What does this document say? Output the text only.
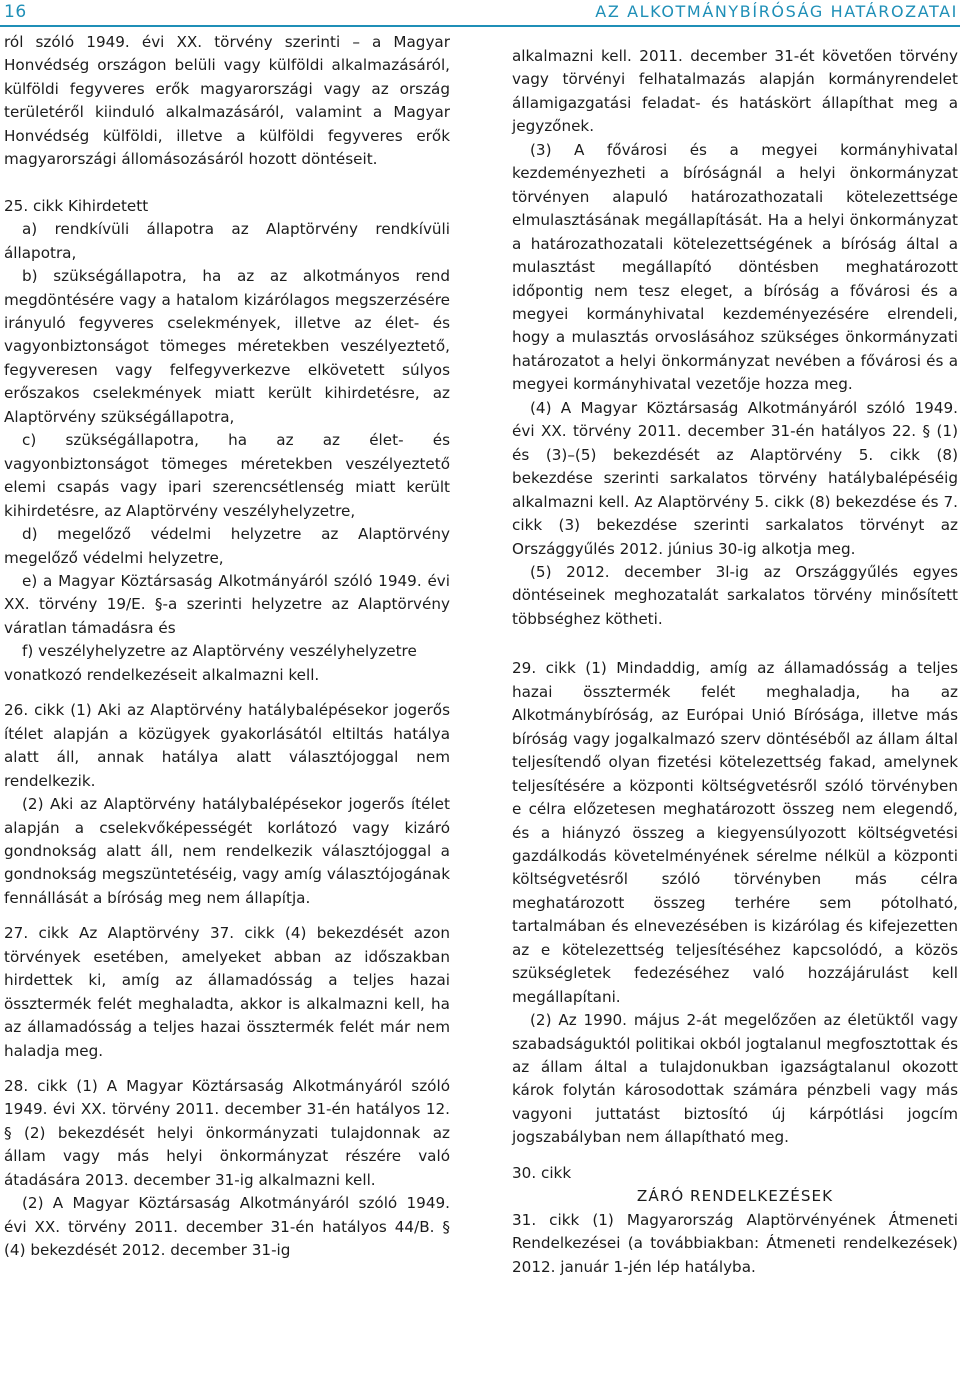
16	AZ ALKOTMÁNYBÍRÓSÁG HATÁROZATAI

ról szóló 1949. évi XX. törvény szerinti – a Magyar Honvédség országon belüli vagy külföldi alkalmazásáról, külföldi fegyveres erők magyarországi vagy az ország területéről kiinduló alkalmazásáról, valamint a Magyar Honvédség külföldi, illetve a külföldi fegyveres erők magyarországi állomásozásáról hozott döntéseit.

25. cikk Kihirdetett

a) rendkívüli állapotra az Alaptörvény rendkívüli állapotra,

b) szükségállapotra, ha az az alkotmányos rend megdöntésére vagy a hatalom kizárólagos megszerzésére irányuló fegyveres cselekmények, illetve az élet- és vagyonbiztonságot tömeges méretekben veszélyeztető, fegyveresen vagy felfegyverkezve elkövetett súlyos erőszakos cselekmények miatt került kihirdetésre, az Alaptörvény szükségállapotra,

c) szükségállapotra, ha az az élet- és vagyonbiztonságot tömeges méretekben veszélyeztető elemi csapás vagy ipari szerencsétlenség miatt került kihirdetésre, az Alaptörvény veszélyhelyzetre,

d) megelőző védelmi helyzetre az Alaptörvény megelőző védelmi helyzetre,

e) a Magyar Köztársaság Alkotmányáról szóló 1949. évi XX. törvény 19/E. §-a szerinti helyzetre az Alaptörvény váratlan támadásra és

f) veszélyhelyzetre az Alaptörvény veszélyhelyzetre

vonatkozó rendelkezéseit alkalmazni kell.

26. cikk (1) Aki az Alaptörvény hatálybalépésekor jogerős ítélet alapján a közügyek gyakorlásától eltiltás hatálya alatt áll, annak hatálya alatt választójoggal nem rendelkezik.

(2) Aki az Alaptörvény hatálybalépésekor jogerős ítélet alapján a cselekvőképességét korlátozó vagy kizáró gondnokság alatt áll, nem rendelkezik választójoggal a gondnokság megszüntetéséig, vagy amíg választójogának fennállását a bíróság meg nem állapítja.

27. cikk Az Alaptörvény 37. cikk (4) bekezdését azon törvények esetében, amelyeket abban az időszakban hirdettek ki, amíg az államadósság a teljes hazai össztermék felét meghaladta, akkor is alkalmazni kell, ha az államadósság a teljes hazai össztermék felét már nem haladja meg.

28. cikk (1) A Magyar Köztársaság Alkotmányáról szóló 1949. évi XX. törvény 2011. december 31-én hatályos 12. § (2) bekezdését helyi önkormányzati tulajdonnak az állam vagy más helyi önkormányzat részére való átadására 2013. december 31-ig alkalmazni kell.

(2) A Magyar Köztársaság Alkotmányáról szóló 1949. évi XX. törvény 2011. december 31-én hatályos 44/B. § (4) bekezdését 2012. december 31-ig

alkalmazni kell. 2011. december 31-ét követően törvény vagy törvényi felhatalmazás alapján kormányrendelet államigazgatási feladat- és hatáskört állapíthat meg a jegyzőnek.

(3) A fővárosi és a megyei kormányhivatal kezdeményezheti a bíróságnál a helyi önkormányzat törvényen alapuló határozathozatali kötelezettsége elmulasztásának megállapítását. Ha a helyi önkormányzat a határozathozatali kötelezettségének a bíróság által a mulasztást megállapító döntésben meghatározott időpontig nem tesz eleget, a bíróság a fővárosi és a megyei kormányhivatal kezdeményezésére elrendeli, hogy a mulasztás orvoslásához szükséges önkormányzati határozatot a helyi önkormányzat nevében a fővárosi és a megyei kormányhivatal vezetője hozza meg.

(4) A Magyar Köztársaság Alkotmányáról szóló 1949. évi XX. törvény 2011. december 31-én hatályos 22. § (1) és (3)–(5) bekezdését az Alaptörvény 5. cikk (8) bekezdése szerinti sarkalatos törvény hatálybalépéséig alkalmazni kell. Az Alaptörvény 5. cikk (8) bekezdése és 7. cikk (3) bekezdése szerinti sarkalatos törvényt az Országgyűlés 2012. június 30-ig alkotja meg.

(5) 2012. december 3l-ig az Országgyűlés egyes döntéseinek meghozatalát sarkalatos törvény minősített többséghez kötheti.

29. cikk (1) Mindaddig, amíg az államadósság a teljes hazai össztermék felét meghaladja, ha az Alkotmánybíróság, az Európai Unió Bírósága, illetve más bíróság vagy jogalkalmazó szerv döntéséből az állam által teljesítendő olyan fizetési kötelezettség fakad, amelynek teljesítésére a központi költségvetésről szóló törvényben e célra előzetesen meghatározott összeg nem elegendő, és a hiányzó összeg a kiegyensúlyozott költségvetési gazdálkodás követelményének sérelme nélkül a központi költségvetésről szóló törvényben más célra meghatározott összeg terhére sem pótolható, tartalmában és elnevezésében is kizárólag és kifejezetten az e kötelezettség teljesítéséhez kapcsolódó, a közös szükségletek fedezéséhez való hozzájárulást kell megállapítani.

(2) Az 1990. május 2-át megelőzően az életüktől vagy szabadságuktól politikai okból jogtalanul megfosztottak és az állam által a tulajdonukban igazságtalanul okozott károk folytán károsodottak számára pénzbeli vagy más vagyoni juttatást biztosító új kárpótlási jogcím jogszabályban nem állapítható meg.

30. cikk

ZÁRÓ RENDELKEZÉSEK

31. cikk (1) Magyarország Alaptörvényének Átmeneti Rendelkezései (a továbbiakban: Átmeneti rendelkezések) 2012. január 1-jén lép hatályba.
